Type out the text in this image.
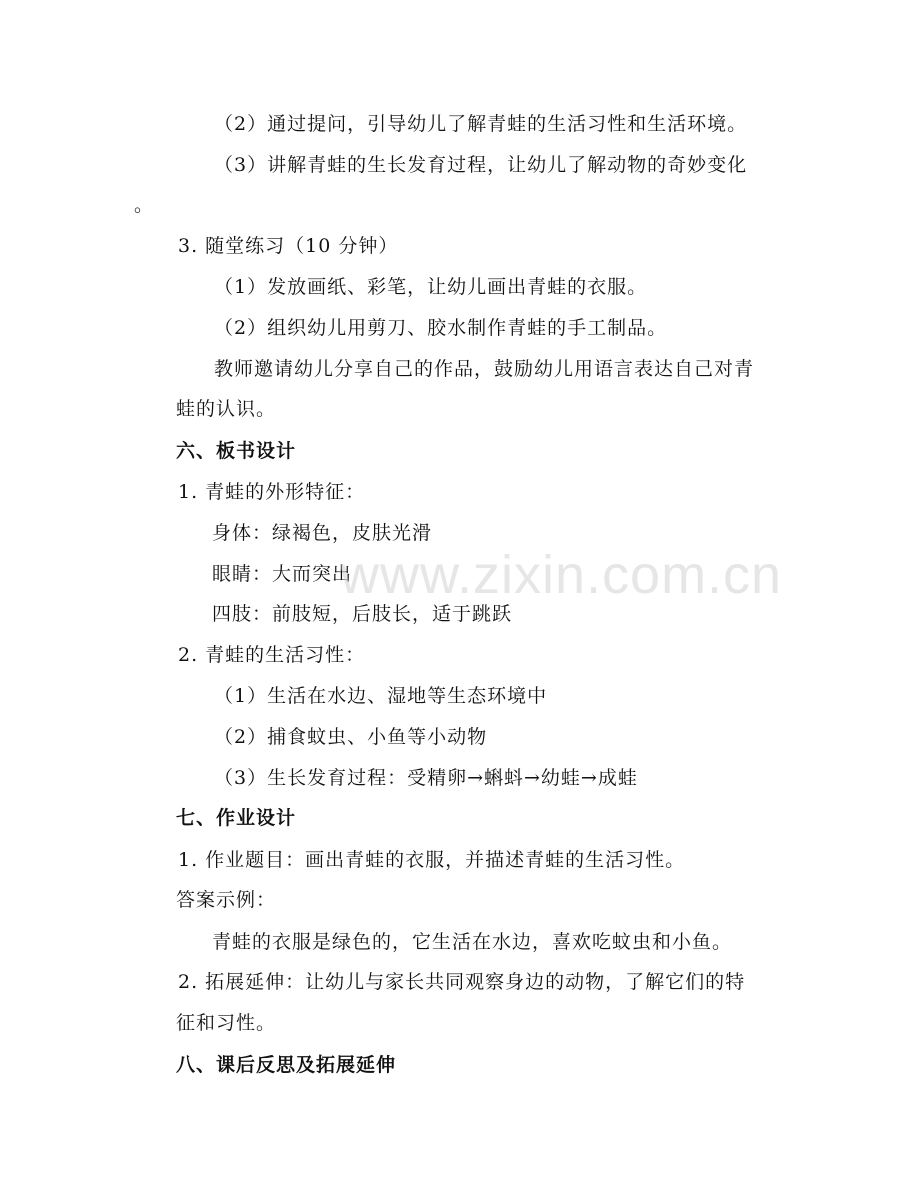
（2）通过提问，引导幼儿了解青蛙的生活习性和生活环境。
（3）讲解青蛙的生长发育过程，让幼儿了解动物的奇妙变化
。
3. 随堂练习（10 分钟）
（1）发放画纸、彩笔，让幼儿画出青蛙的衣服。
（2）组织幼儿用剪刀、胶水制作青蛙的手工制品。
教师邀请幼儿分享自己的作品，鼓励幼儿用语言表达自己对青
蛙的认识。
六、板书设计
1. 青蛙的外形特征：
身体：绿褐色，皮肤光滑
眼睛：大而突出
四肢：前肢短，后肢长，适于跳跃
2. 青蛙的生活习性：
（1）生活在水边、湿地等生态环境中
（2）捕食蚊虫、小鱼等小动物
（3）生长发育过程：受精卵→蝌蚪→幼蛙→成蛙
七、作业设计
1. 作业题目：画出青蛙的衣服，并描述青蛙的生活习性。
答案示例：
青蛙的衣服是绿色的，它生活在水边，喜欢吃蚊虫和小鱼。
2. 拓展延伸：让幼儿与家长共同观察身边的动物，了解它们的特
征和习性。
八、课后反思及拓展延伸
www.zixin.com.cn
